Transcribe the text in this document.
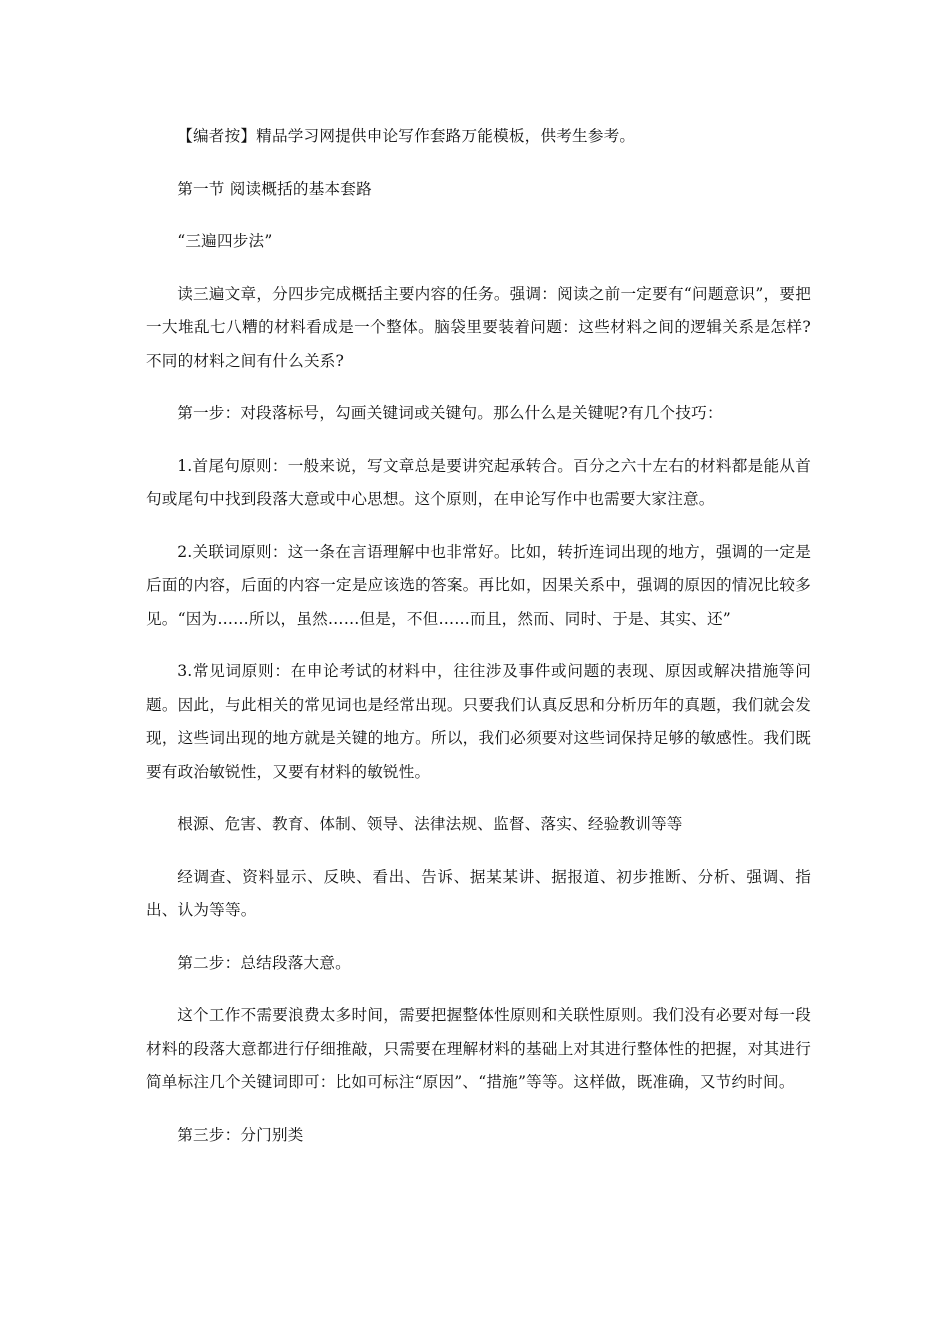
【编者按】精品学习网提供申论写作套路万能模板，供考生参考。

第一节 阅读概括的基本套路

“三遍四步法”

读三遍文章，分四步完成概括主要内容的任务。强调：阅读之前一定要有“问题意识”，要把一大堆乱七八糟的材料看成是一个整体。脑袋里要装着问题：这些材料之间的逻辑关系是怎样?不同的材料之间有什么关系?

第一步：对段落标号，勾画关键词或关键句。那么什么是关键呢?有几个技巧：

1.首尾句原则：一般来说，写文章总是要讲究起承转合。百分之六十左右的材料都是能从首句或尾句中找到段落大意或中心思想。这个原则，在申论写作中也需要大家注意。

2.关联词原则：这一条在言语理解中也非常好。比如，转折连词出现的地方，强调的一定是后面的内容，后面的内容一定是应该选的答案。再比如，因果关系中，强调的原因的情况比较多见。“因为……所以，虽然……但是，不但……而且，然而、同时、于是、其实、还”

3.常见词原则：在申论考试的材料中，往往涉及事件或问题的表现、原因或解决措施等问题。因此，与此相关的常见词也是经常出现。只要我们认真反思和分析历年的真题，我们就会发现，这些词出现的地方就是关键的地方。所以，我们必须要对这些词保持足够的敏感性。我们既要有政治敏锐性，又要有材料的敏锐性。

根源、危害、教育、体制、领导、法律法规、监督、落实、经验教训等等

经调查、资料显示、反映、看出、告诉、据某某讲、据报道、初步推断、分析、强调、指出、认为等等。

第二步：总结段落大意。

这个工作不需要浪费太多时间，需要把握整体性原则和关联性原则。我们没有必要对每一段材料的段落大意都进行仔细推敲，只需要在理解材料的基础上对其进行整体性的把握，对其进行简单标注几个关键词即可：比如可标注“原因”、“措施”等等。这样做，既准确，又节约时间。

第三步：分门别类
